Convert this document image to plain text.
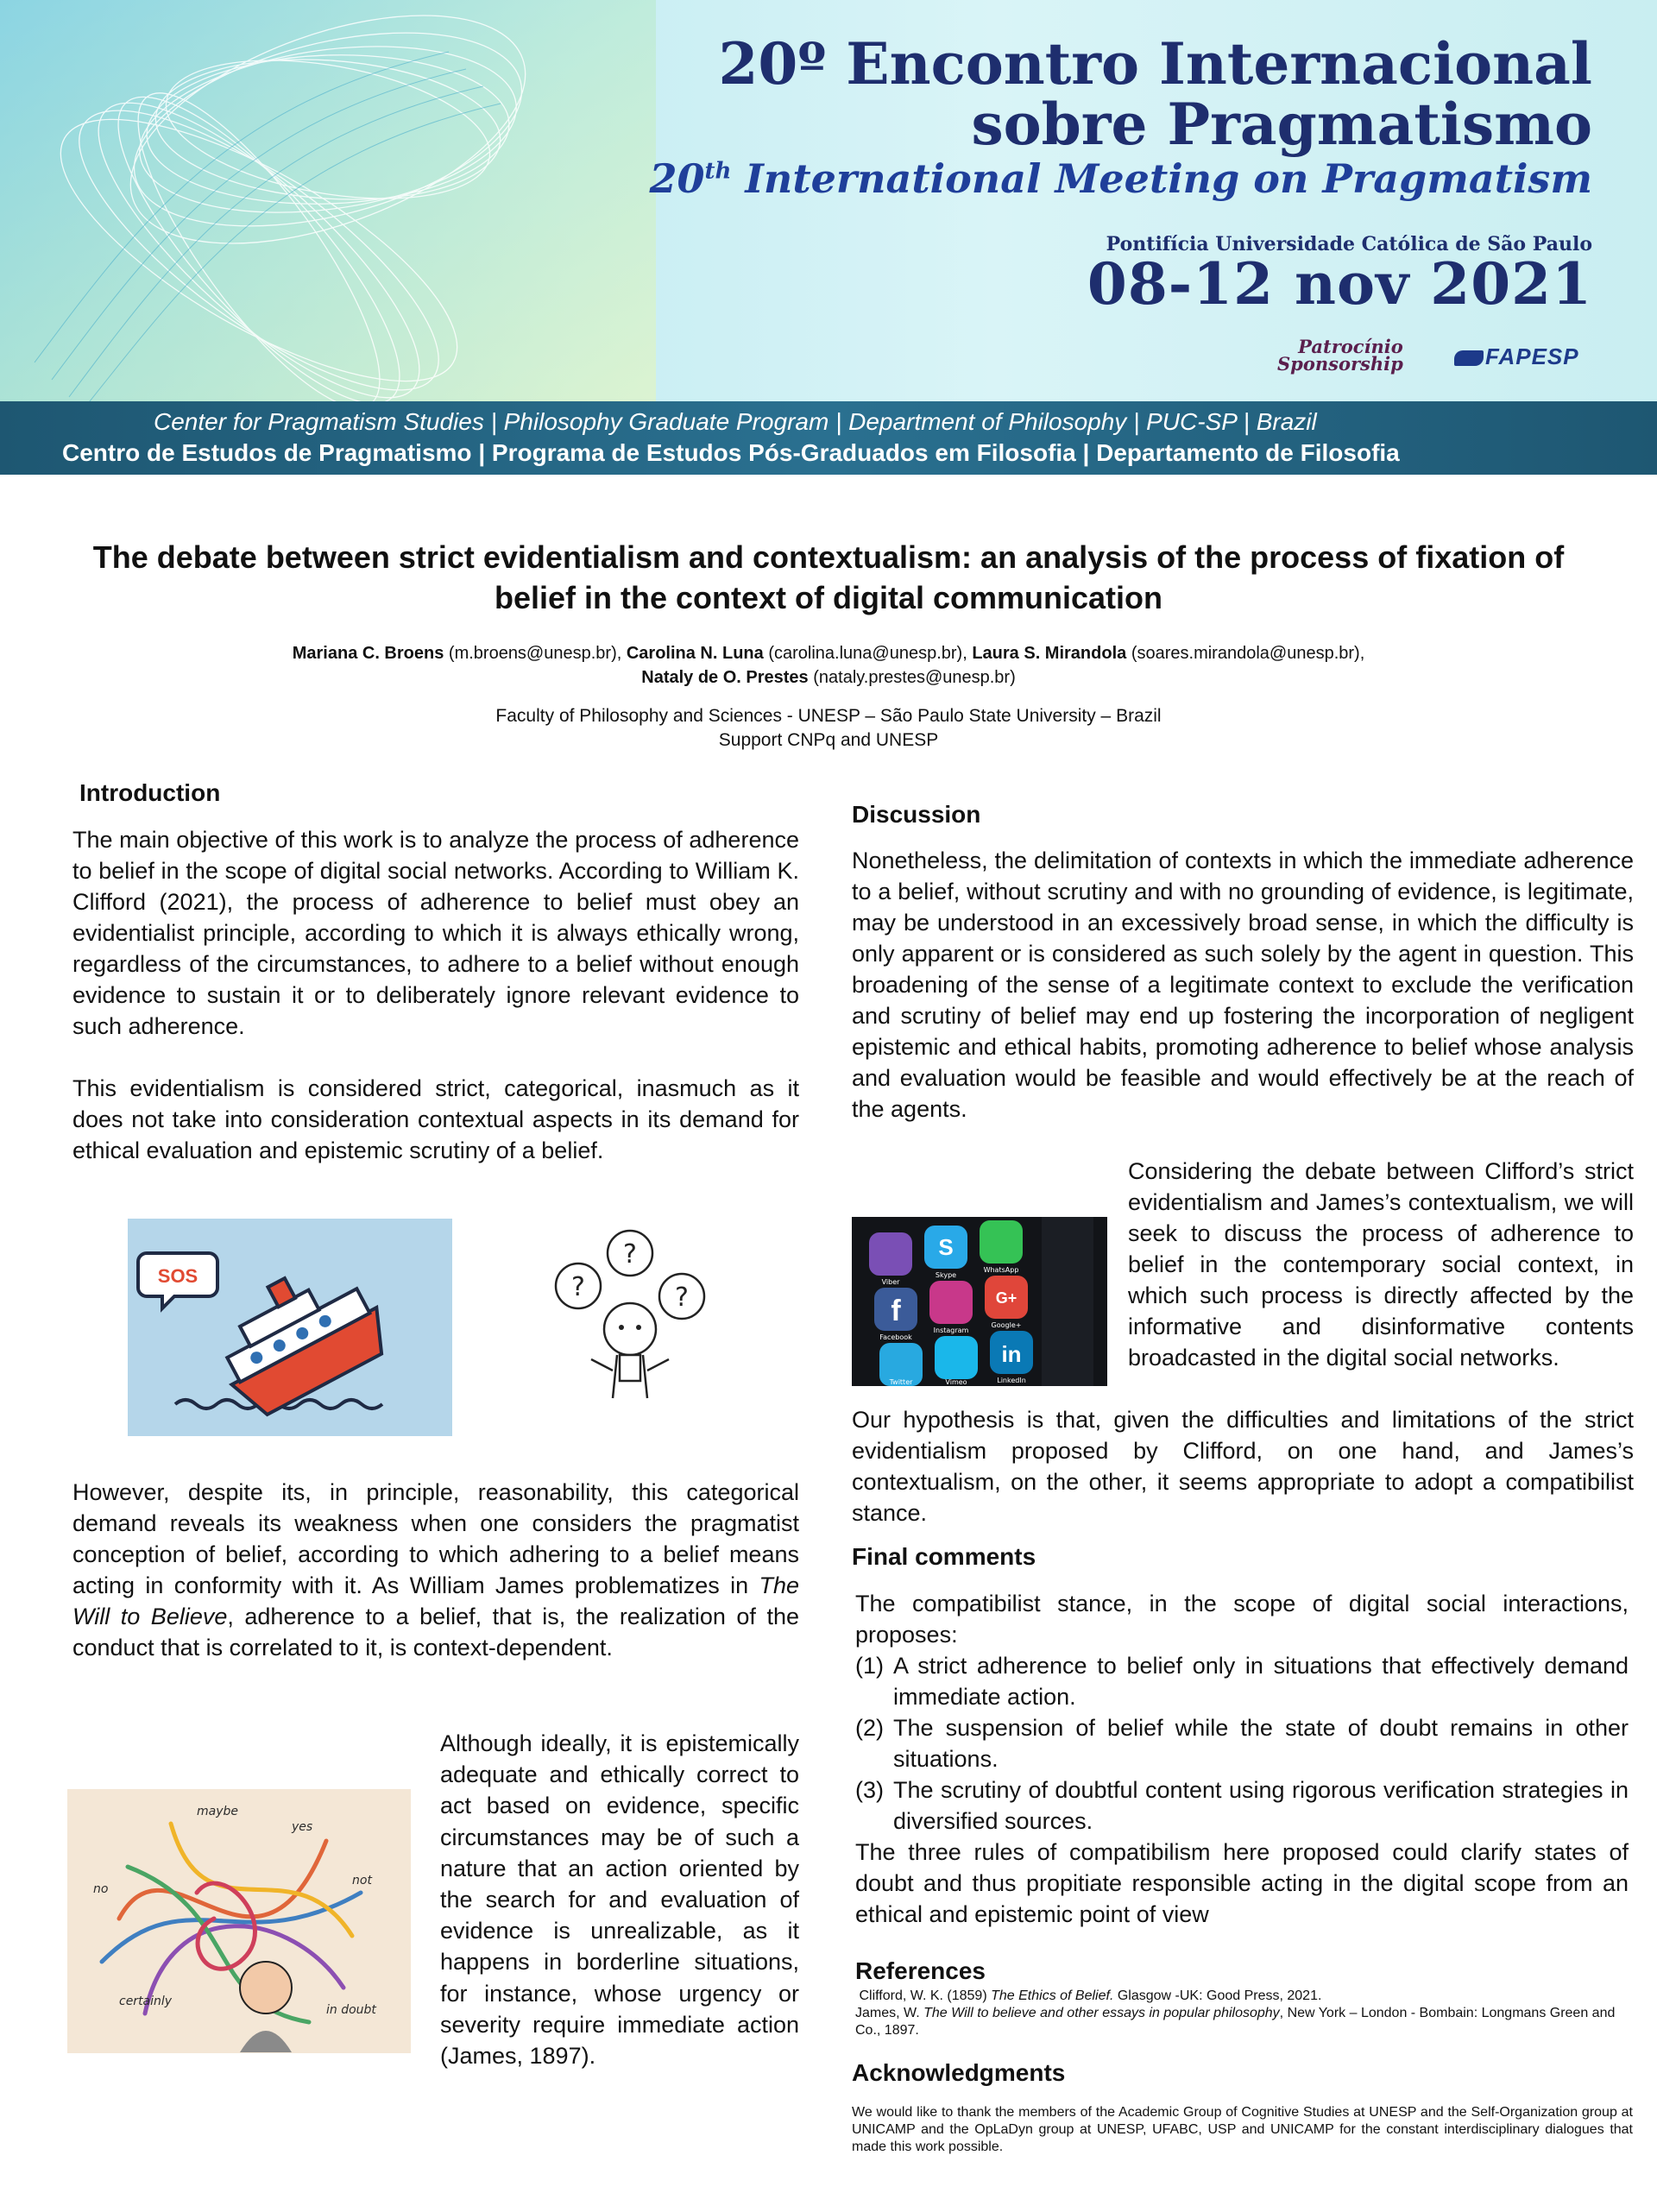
20º Encontro Internacional
sobre Pragmatismo
20th International Meeting on Pragmatism
Pontifícia Universidade Católica de São Paulo
08-12 nov 2021
Patrocínio
Sponsorship	FAPESP
Center for Pragmatism Studies | Philosophy Graduate Program | Department of Philosophy | PUC-SP | Brazil
Centro de Estudos de Pragmatismo | Programa de Estudos Pós-Graduados em Filosofia | Departamento de Filosofia
The debate between strict evidentialism and contextualism: an analysis of the process of fixation of belief in the context of digital communication
Mariana C. Broens (m.broens@unesp.br), Carolina N. Luna (carolina.luna@unesp.br), Laura S. Mirandola (soares.mirandola@unesp.br),
Nataly de O. Prestes (nataly.prestes@unesp.br)
Faculty of Philosophy and Sciences - UNESP – São Paulo State University – Brazil
Support CNPq and UNESP
Introduction

The main objective of this work is to analyze the process of adherence to belief in the scope of digital social networks. According to William K. Clifford (2021), the process of adherence to belief must obey an evidentialist principle, according to which it is always ethically wrong, regardless of the circumstances, to adhere to a belief without enough evidence to sustain it or to deliberately ignore relevant evidence to such adherence.

This evidentialism is considered strict, categorical, inasmuch as it does not take into consideration contextual aspects in its demand for ethical evaluation and epistemic scrutiny of a belief.

SOS	?
?
?

However, despite its, in principle, reasonability, this categorical demand reveals its weakness when one considers the pragmatist conception of belief, according to which adhering to a belief means acting in conformity with it. As William James problematizes in The Will to Believe, adherence to a belief, that is, the realization of the conduct that is correlated to it, is context-dependent.

maybe
yes
no
certainly
in doubt
not

Although ideally, it is epistemically adequate and ethically correct to act based on evidence, specific circumstances may be of such a nature that an action oriented by the search for and evaluation of evidence is unrealizable, as it happens in borderline situations, for instance, whose urgency or severity require immediate action (James, 1897).

Discussion

Nonetheless, the delimitation of contexts in which the immediate adherence to a belief, without scrutiny and with no grounding of evidence, is legitimate, may be understood in an excessively broad sense, in which the difficulty is only apparent or is considered as such solely by the agent in question. This broadening of the sense of a legitimate context to exclude the verification and scrutiny of belief may end up fostering the incorporation of negligent epistemic and ethical habits, promoting adherence to belief whose analysis and evaluation would be feasible and would effectively be at the reach of the agents.

Viber
Skype
WhatsApp
Facebook
Instagram
Google+
Twitter	Vimeo	LinkedIn
f
in
G+
S

Considering the debate between Clifford’s strict evidentialism and James’s contextualism, we will seek to discuss the process of adherence to belief in the contemporary social context, in which such process is directly affected by the informative and disinformative contents broadcasted in the digital social networks.

Our hypothesis is that, given the difficulties and limitations of the strict evidentialism proposed by Clifford, on one hand, and James’s contextualism, on the other, it seems appropriate to adopt a compatibilist stance.

Final comments

The compatibilist stance, in the scope of digital social interactions, proposes:

(1) A strict adherence to belief only in situations that effectively demand immediate action.
(2) The suspension of belief while the state of doubt remains in other situations.
(3) The scrutiny of doubtful content using rigorous verification strategies in diversified sources.

The three rules of compatibilism here proposed could clarify states of doubt and thus propitiate responsible acting in the digital scope from an ethical and epistemic point of view

References
Clifford, W. K. (1859) The Ethics of Belief. Glasgow -UK: Good Press, 2021.
James, W. The Will to believe and other essays in popular philosophy, New York – London - Bombain: Longmans Green and Co., 1897.
Acknowledgments
We would like to thank the members of the Academic Group of Cognitive Studies at UNESP and the Self-Organization group at UNICAMP and the OpLaDyn group at UNESP, UFABC, USP and UNICAMP for the constant interdisciplinary dialogues that made this work possible.
